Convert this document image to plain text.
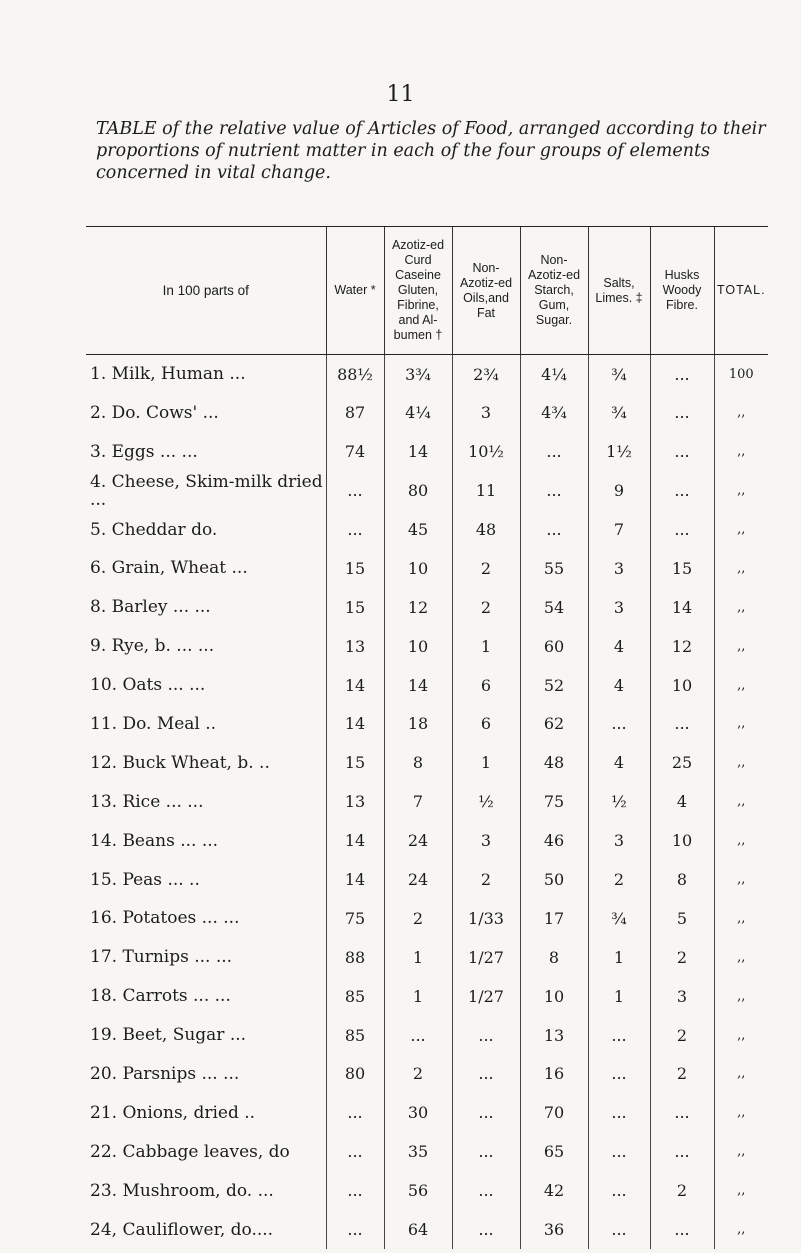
11
TABLE of the relative value of Articles of Food, arranged according to their proportions of nutrient matter in each of the four groups of elements concerned in vital change.
In 100 parts of	Water *	Azotiz-ed Curd Caseine Gluten, Fibrine, and Al-bumen †	Non-Azotiz-ed Oils,and Fat	Non-Azotiz-ed Starch, Gum, Sugar.	Salts, Limes. ‡	Husks Woody Fibre.	TOTAL.
1. Milk, Human ...	88½	3¾	2¾	4¼	¾	...	100
2. Do. Cows' ...	87	4¼	3	4¾	¾	...	,,
3. Eggs ... ...	74	14	10½	...	1½	...	,,
4. Cheese, Skim-milk dried ...	...	80	11	...	9	...	,,
5. Cheddar do.	...	45	48	...	7	...	,,
6. Grain, Wheat ...	15	10	2	55	3	15	,,
8. Barley ... ...	15	12	2	54	3	14	,,
9. Rye, b. ... ...	13	10	1	60	4	12	,,
10. Oats ... ...	14	14	6	52	4	10	,,
11. Do. Meal ..	14	18	6	62	...	...	,,
12. Buck Wheat, b. ..	15	8	1	48	4	25	,,
13. Rice ... ...	13	7	½	75	½	4	,,
14. Beans ... ...	14	24	3	46	3	10	,,
15. Peas ... ..	14	24	2	50	2	8	,,
16. Potatoes ... ...	75	2	1/33	17	¾	5	,,
17. Turnips ... ...	88	1	1/27	8	1	2	,,
18. Carrots ... ...	85	1	1/27	10	1	3	,,
19. Beet, Sugar ...	85	...	...	13	...	2	,,
20. Parsnips ... ...	80	2	...	16	...	2	,,
21. Onions, dried ..	...	30	...	70	...	...	,,
22. Cabbage leaves, do	...	35	...	65	...	...	,,
23. Mushroom, do. ...	...	56	...	42	...	2	,,
24, Cauliflower, do....	...	64	...	36	...	...	,,
